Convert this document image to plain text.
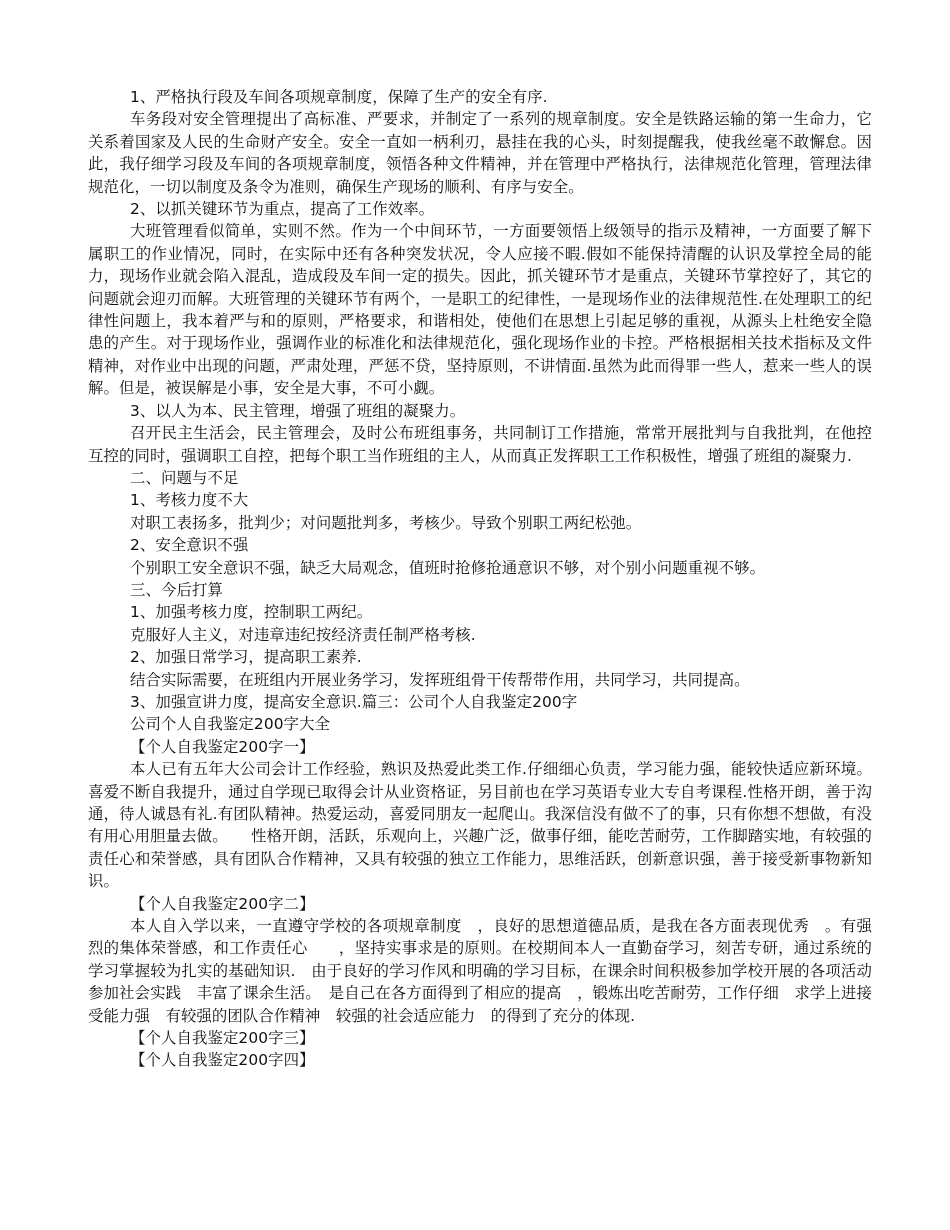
1、严格执行段及车间各项规章制度，保障了生产的安全有序.

车务段对安全管理提出了高标准、严要求，并制定了一系列的规章制度。安全是铁路运输的第一生命力，它关系着国家及人民的生命财产安全。安全一直如一柄利刃，悬挂在我的心头，时刻提醒我，使我丝毫不敢懈怠。因此，我仔细学习段及车间的各项规章制度，领悟各种文件精神，并在管理中严格执行，法律规范化管理，管理法律规范化，一切以制度及条令为准则，确保生产现场的顺利、有序与安全。

2、以抓关键环节为重点，提高了工作效率。

大班管理看似简单，实则不然。作为一个中间环节，一方面要领悟上级领导的指示及精神，一方面要了解下属职工的作业情况，同时，在实际中还有各种突发状况，令人应接不暇.假如不能保持清醒的认识及掌控全局的能力，现场作业就会陷入混乱，造成段及车间一定的损失。因此，抓关键环节才是重点，关键环节掌控好了，其它的问题就会迎刃而解。大班管理的关键环节有两个，一是职工的纪律性，一是现场作业的法律规范性.在处理职工的纪律性问题上，我本着严与和的原则，严格要求，和谐相处，使他们在思想上引起足够的重视，从源头上杜绝安全隐患的产生。对于现场作业，强调作业的标准化和法律规范化，强化现场作业的卡控。严格根据相关技术指标及文件精神，对作业中出现的问题，严肃处理，严惩不贷，坚持原则，不讲情面.虽然为此而得罪一些人，惹来一些人的误解。但是，被误解是小事，安全是大事，不可小觑。

3、以人为本、民主管理，增强了班组的凝聚力。

召开民主生活会，民主管理会，及时公布班组事务，共同制订工作措施，常常开展批判与自我批判，在他控互控的同时，强调职工自控，把每个职工当作班组的主人，从而真正发挥职工工作积极性，增强了班组的凝聚力.

二、问题与不足

1、考核力度不大

对职工表扬多，批判少；对问题批判多，考核少。导致个别职工两纪松弛。

2、安全意识不强

个别职工安全意识不强，缺乏大局观念，值班时抢修抢通意识不够，对个别小问题重视不够。

三、今后打算

1、加强考核力度，控制职工两纪。

克服好人主义，对违章违纪按经济责任制严格考核.

2、加强日常学习，提高职工素养.

结合实际需要，在班组内开展业务学习，发挥班组骨干传帮带作用，共同学习，共同提高。

3、加强宣讲力度，提高安全意识.篇三：公司个人自我鉴定200字

公司个人自我鉴定200字大全

【个人自我鉴定200字一】

本人已有五年大公司会计工作经验，熟识及热爱此类工作.仔细细心负责，学习能力强，能较快适应新环境。喜爱不断自我提升，通过自学现已取得会计从业资格证，另目前也在学习英语专业大专自考课程.性格开朗，善于沟通，待人诚恳有礼.有团队精神。热爱运动，喜爱同朋友一起爬山。我深信没有做不了的事，只有你想不想做，有没有用心用胆量去做。　　性格开朗，活跃，乐观向上，兴趣广泛，做事仔细，能吃苦耐劳，工作脚踏实地，有较强的责任心和荣誉感，具有团队合作精神，又具有较强的独立工作能力，思维活跃，创新意识强，善于接受新事物新知识。

【个人自我鉴定200字二】

本人自入学以来，一直遵守学校的各项规章制度　，良好的思想道德品质，是我在各方面表现优秀　。有强烈的集体荣誉感，和工作责任心　　，坚持实事求是的原则。在校期间本人一直勤奋学习，刻苦专研，通过系统的学习掌握较为扎实的基础知识.　由于良好的学习作风和明确的学习目标，在课余时间积极参加学校开展的各项活动　参加社会实践　丰富了课余生活。　是自己在各方面得到了相应的提高　，锻炼出吃苦耐劳，工作仔细　求学上进接受能力强　有较强的团队合作精神　较强的社会适应能力　的得到了充分的体现.

【个人自我鉴定200字三】

【个人自我鉴定200字四】
